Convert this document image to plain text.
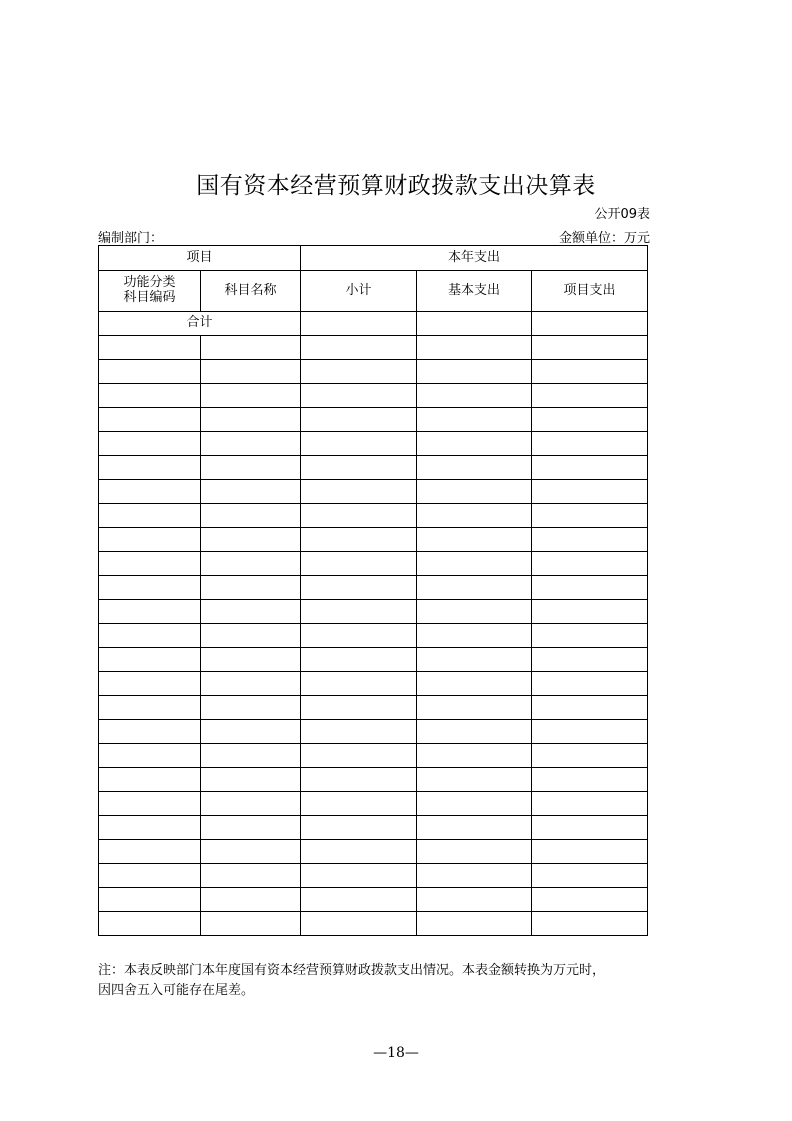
国有资本经营预算财政拨款支出决算表
公开09表
编制部门：	金额单位：万元
项目		本年支出		

功能分类
科目编码	科目名称	小计	基本支出	项目支出
合计				

注：本表反映部门本年度国有资本经营预算财政拨款支出情况。本表金额转换为万元时，
因四舍五入可能存在尾差。
—18—
